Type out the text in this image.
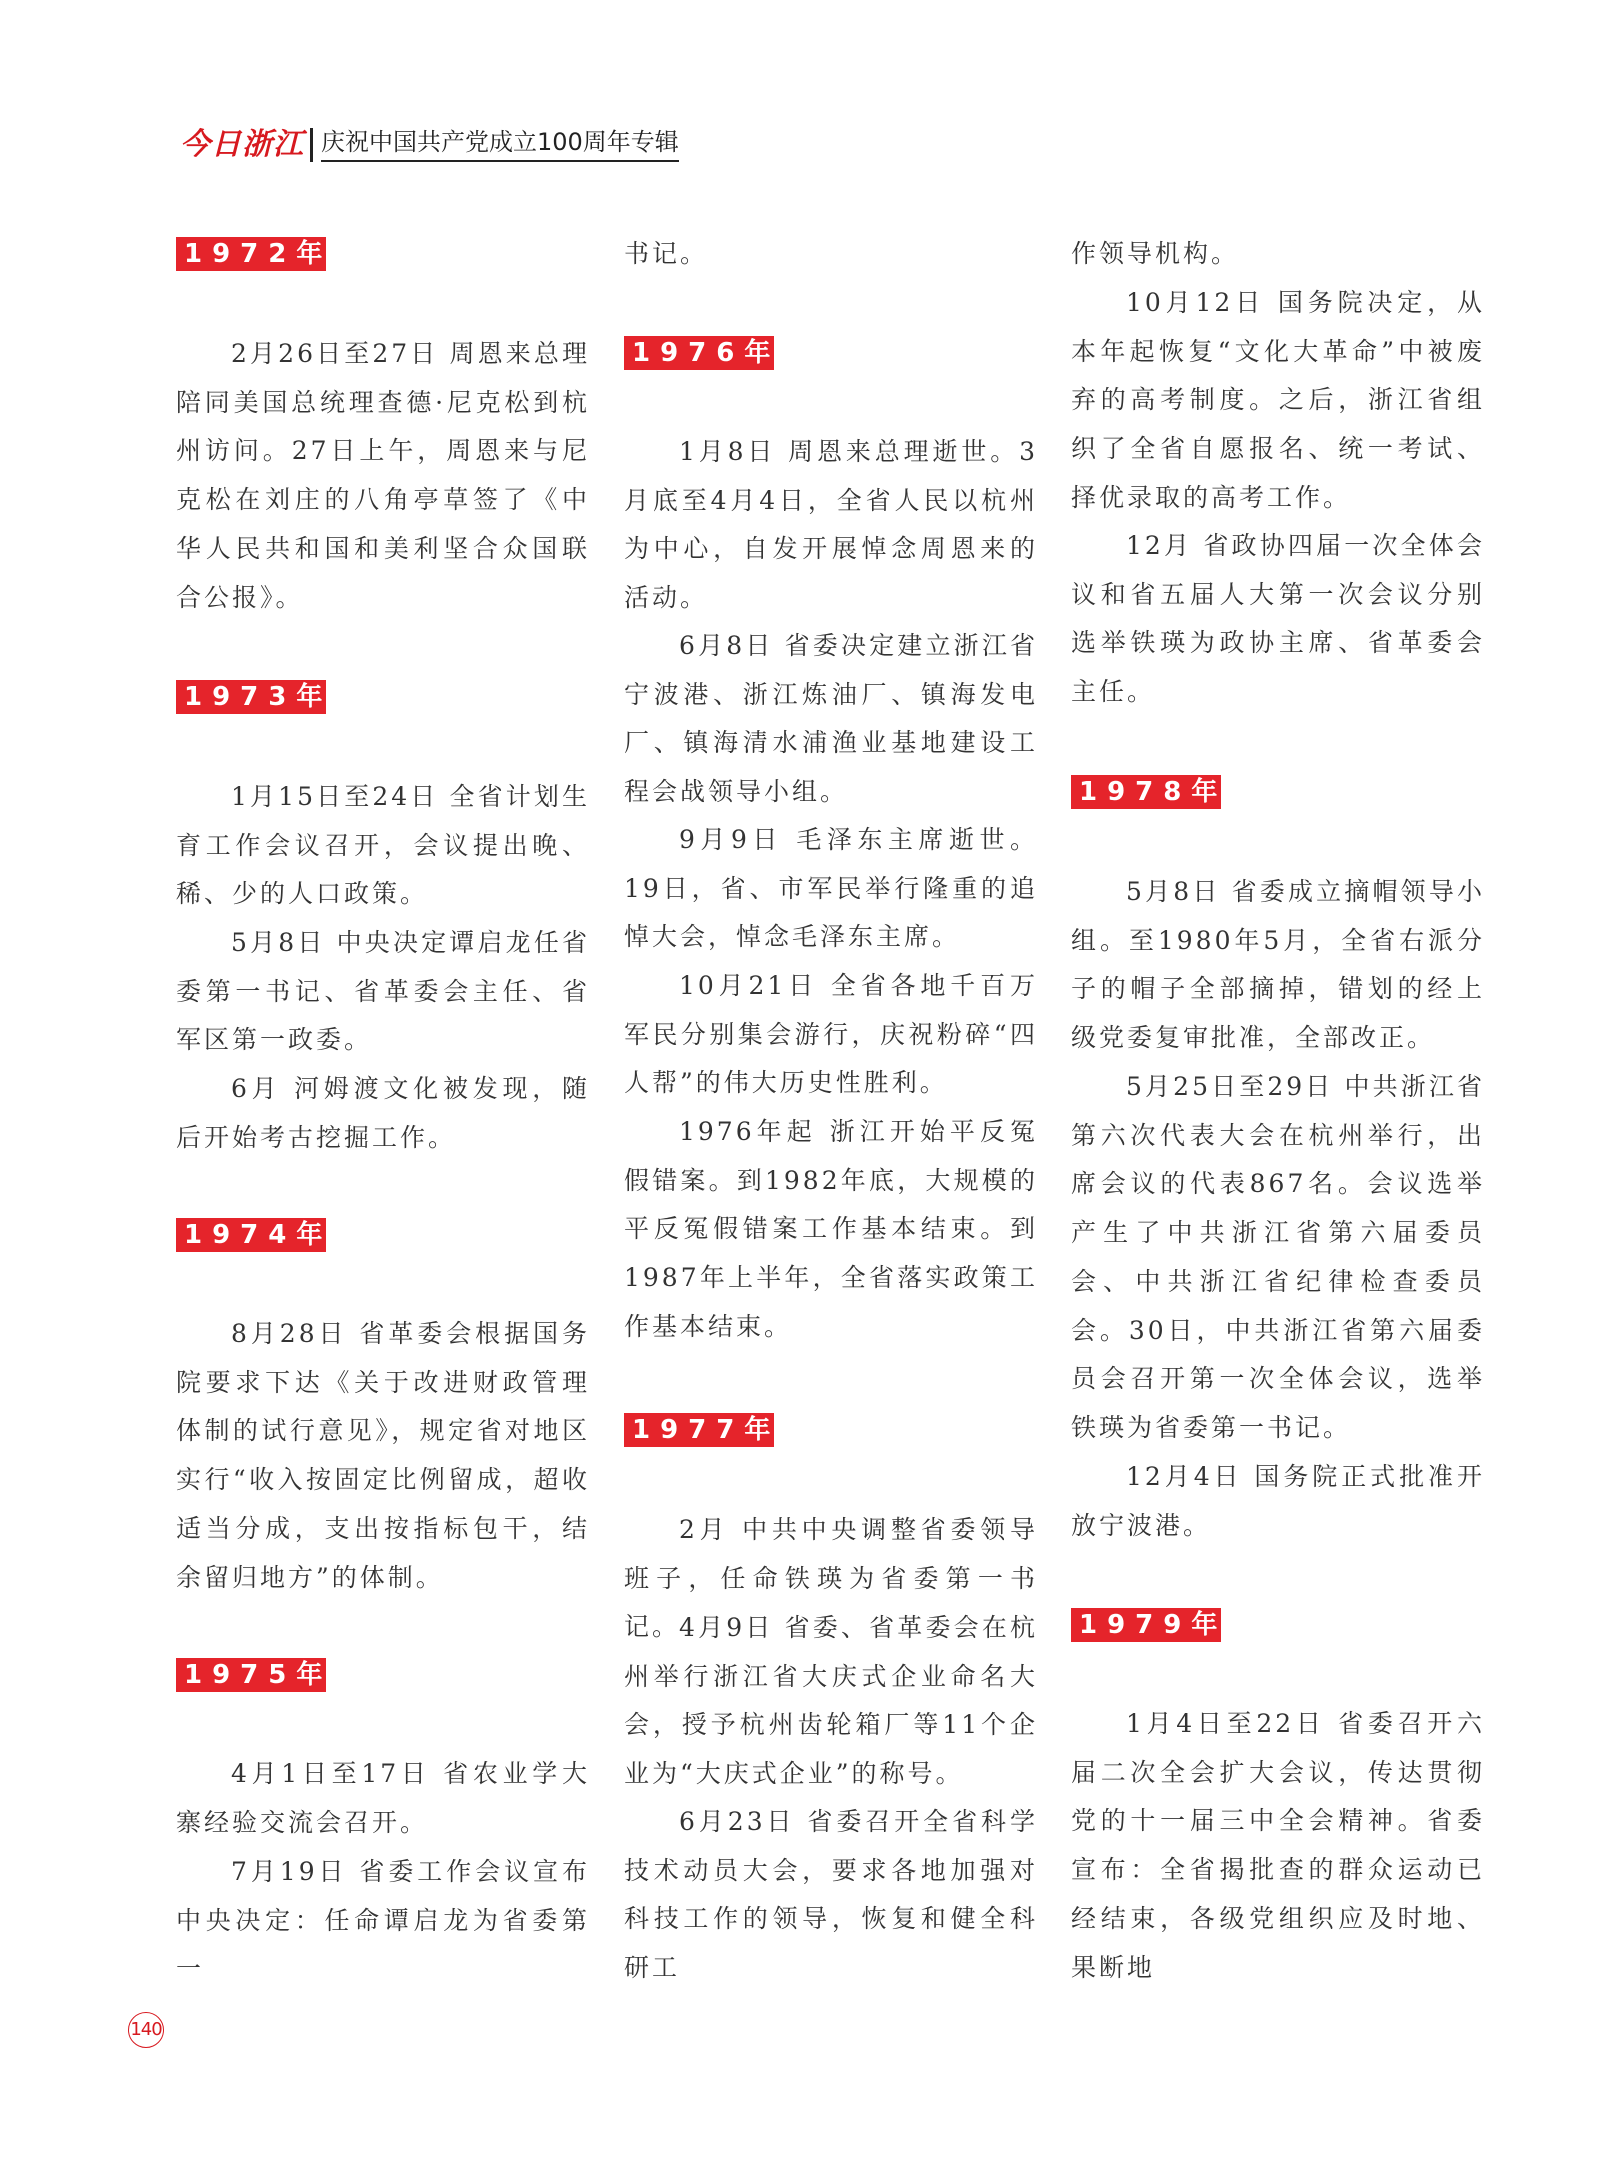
今日浙江 庆祝中国共产党成立100周年专辑
1972年
2月26日至27日 周恩来总理陪同美国总统理查德·尼克松到杭州访问。27日上午，周恩来与尼克松在刘庄的八角亭草签了《中华人民共和国和美利坚合众国联合公报》。
1973年
1月15日至24日 全省计划生育工作会议召开，会议提出晚、稀、少的人口政策。
5月8日 中央决定谭启龙任省委第一书记、省革委会主任、省军区第一政委。
6月 河姆渡文化被发现，随后开始考古挖掘工作。
1974年
8月28日 省革委会根据国务院要求下达《关于改进财政管理体制的试行意见》，规定省对地区实行“收入按固定比例留成，超收适当分成，支出按指标包干，结余留归地方”的体制。
1975年
4月1日至17日 省农业学大寨经验交流会召开。
7月19日 省委工作会议宣布中央决定：任命谭启龙为省委第一
书记。
1976年
1月8日 周恩来总理逝世。3月底至4月4日，全省人民以杭州为中心，自发开展悼念周恩来的活动。
6月8日 省委决定建立浙江省宁波港、浙江炼油厂、镇海发电厂、镇海清水浦渔业基地建设工程会战领导小组。
9月9日 毛泽东主席逝世。19日，省、市军民举行隆重的追悼大会，悼念毛泽东主席。
10月21日 全省各地千百万军民分别集会游行，庆祝粉碎“四人帮”的伟大历史性胜利。
1976年起 浙江开始平反冤假错案。到1982年底，大规模的平反冤假错案工作基本结束。到1987年上半年，全省落实政策工作基本结束。
1977年
2月 中共中央调整省委领导班子，任命铁瑛为省委第一书记。
4月9日 省委、省革委会在杭州举行浙江省大庆式企业命名大会，授予杭州齿轮箱厂等11个企业为“大庆式企业”的称号。
6月23日 省委召开全省科学技术动员大会，要求各地加强对科技工作的领导，恢复和健全科研工
作领导机构。
10月12日 国务院决定，从本年起恢复“文化大革命”中被废弃的高考制度。之后，浙江省组织了全省自愿报名、统一考试、择优录取的高考工作。
12月 省政协四届一次全体会议和省五届人大第一次会议分别选举铁瑛为政协主席、省革委会主任。
1978年
5月8日 省委成立摘帽领导小组。至1980年5月，全省右派分子的帽子全部摘掉，错划的经上级党委复审批准，全部改正。
5月25日至29日 中共浙江省第六次代表大会在杭州举行，出席会议的代表867名。会议选举产生了中共浙江省第六届委员会、中共浙江省纪律检查委员会。30日，中共浙江省第六届委员会召开第一次全体会议，选举铁瑛为省委第一书记。
12月4日 国务院正式批准开放宁波港。
1979年
1月4日至22日 省委召开六届二次全会扩大会议，传达贯彻党的十一届三中全会精神。省委宣布：全省揭批查的群众运动已经结束，各级党组织应及时地、果断地
140
